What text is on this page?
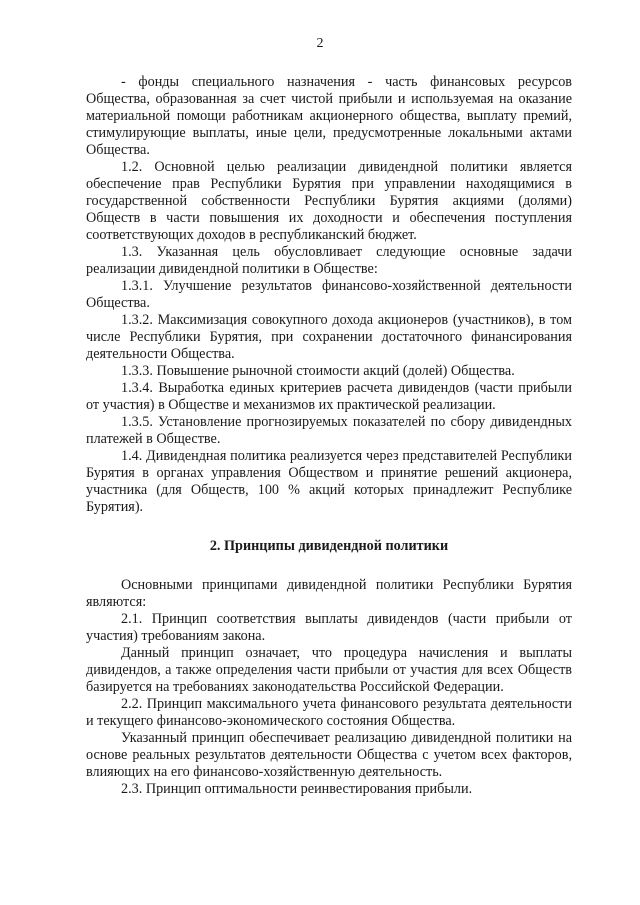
2

- фонды специального назначения - часть финансовых ресурсов Общества, образованная за счет чистой прибыли и используемая на оказание материальной помощи работникам акционерного общества, выплату премий, стимулирующие выплаты, иные цели, предусмотренные локальными актами Общества.

1.2. Основной целью реализации дивидендной политики является обеспечение прав Республики Бурятия при управлении находящимися в государственной собственности Республики Бурятия акциями (долями) Обществ в части повышения их доходности и обеспечения поступления соответствующих доходов в республиканский бюджет.

1.3. Указанная цель обусловливает следующие основные задачи реализации дивидендной политики в Обществе:

1.3.1. Улучшение результатов финансово-хозяйственной деятельности Общества.

1.3.2. Максимизация совокупного дохода акционеров (участников), в том числе Республики Бурятия, при сохранении достаточного финансирования деятельности Общества.

1.3.3. Повышение рыночной стоимости акций (долей) Общества.

1.3.4. Выработка единых критериев расчета дивидендов (части прибыли от участия) в Обществе и механизмов их практической реализации.

1.3.5. Установление прогнозируемых показателей по сбору дивидендных платежей в Обществе.

1.4. Дивидендная политика реализуется через представителей Республики Бурятия в органах управления Обществом и принятие решений акционера, участника (для Обществ, 100 % акций которых принадлежит Республике Бурятия).

2. Принципы дивидендной политики

Основными принципами дивидендной политики Республики Бурятия являются:

2.1. Принцип соответствия выплаты дивидендов (части прибыли от участия) требованиям закона.

Данный принцип означает, что процедура начисления и выплаты дивидендов, а также определения части прибыли от участия для всех Обществ базируется на требованиях законодательства Российской Федерации.

2.2. Принцип максимального учета финансового результата деятельности и текущего финансово-экономического состояния Общества.

Указанный принцип обеспечивает реализацию дивидендной политики на основе реальных результатов деятельности Общества с учетом всех факторов, влияющих на его финансово-хозяйственную деятельность.

2.3. Принцип оптимальности реинвестирования прибыли.
